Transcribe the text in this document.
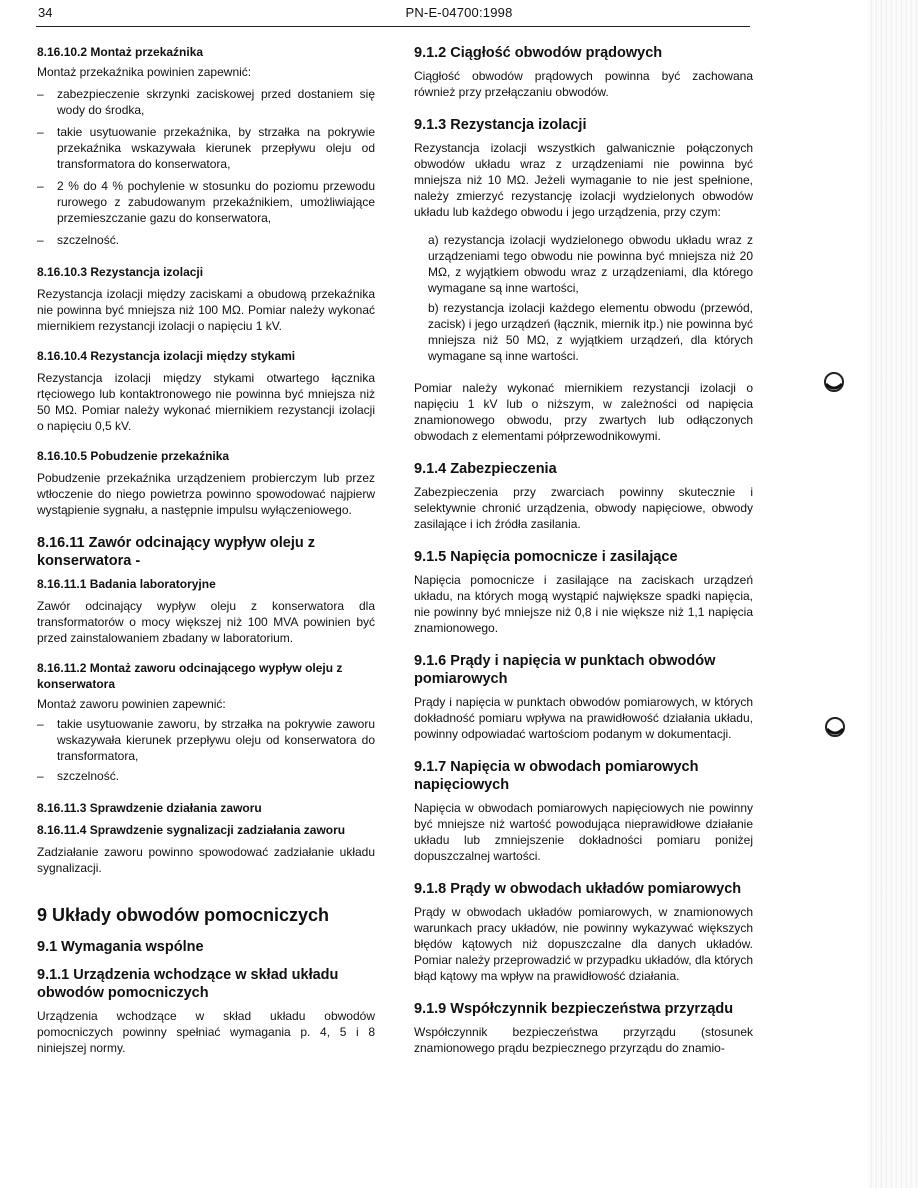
34	PN-E-04700:1998
8.16.10.2 Montaż przekaźnika

Montaż przekaźnika powinien zapewnić:

– zabezpieczenie skrzynki zaciskowej przed dostaniem się wody do środka,
– takie usytuowanie przekaźnika, by strzałka na pokrywie przekaźnika wskazywała kierunek przepływu oleju od transformatora do konserwatora,
– 2 % do 4 % pochylenie w stosunku do poziomu przewodu rurowego z zabudowanym przekaźnikiem, umożliwiające przemieszczanie gazu do konserwatora,
– szczelność.
8.16.10.3 Rezystancja izolacji

Rezystancja izolacji między zaciskami a obudową przekaźnika nie powinna być mniejsza niż 100 MΩ. Pomiar należy wykonać miernikiem rezystancji izolacji o napięciu 1 kV.

8.16.10.4 Rezystancja izolacji między stykami

Rezystancja izolacji między stykami otwartego łącznika rtęciowego lub kontaktronowego nie powinna być mniejsza niż 50 MΩ. Pomiar należy wykonać miernikiem rezystancji izolacji o napięciu 0,5 kV.

8.16.10.5 Pobudzenie przekaźnika

Pobudzenie przekaźnika urządzeniem probierczym lub przez wtłoczenie do niego powietrza powinno spowodować najpierw wystąpienie sygnału, a następnie impulsu wyłączeniowego.

8.16.11 Zawór odcinający wypływ oleju z konserwatora -
8.16.11.1 Badania laboratoryjne

Zawór odcinający wypływ oleju z konserwatora dla transformatorów o mocy większej niż 100 MVA powinien być przed zainstalowaniem zbadany w laboratorium.

8.16.11.2 Montaż zaworu odcinającego wypływ oleju z konserwatora

Montaż zaworu powinien zapewnić:

– takie usytuowanie zaworu, by strzałka na pokrywie zaworu wskazywała kierunek przepływu oleju od konserwatora do transformatora,
– szczelność.
8.16.11.3 Sprawdzenie działania zaworu
8.16.11.4 Sprawdzenie sygnalizacji zadziałania zaworu

Zadziałanie zaworu powinno spowodować zadziałanie układu sygnalizacji.

9 Układy obwodów pomocniczych
9.1 Wymagania wspólne
9.1.1 Urządzenia wchodzące w skład układu obwodów pomocniczych

Urządzenia wchodzące w skład układu obwodów pomocniczych powinny spełniać wymagania p. 4, 5 i 8 niniejszej normy.

9.1.2 Ciągłość obwodów prądowych

Ciągłość obwodów prądowych powinna być zachowana również przy przełączaniu obwodów.

9.1.3 Rezystancja izolacji

Rezystancja izolacji wszystkich galwanicznie połączonych obwodów układu wraz z urządzeniami nie powinna być mniejsza niż 10 MΩ. Jeżeli wymaganie to nie jest spełnione, należy zmierzyć rezystancję izolacji wydzielonych obwodów układu lub każdego obwodu i jego urządzenia, przy czym:

a) rezystancja izolacji wydzielonego obwodu układu wraz z urządzeniami tego obwodu nie powinna być mniejsza niż 20 MΩ, z wyjątkiem obwodu wraz z urządzeniami, dla którego wymagane są inne wartości,
b) rezystancja izolacji każdego elementu obwodu (przewód, zacisk) i jego urządzeń (łącznik, miernik itp.) nie powinna być mniejsza niż 50 MΩ, z wyjątkiem urządzeń, dla których wymagane są inne wartości.

Pomiar należy wykonać miernikiem rezystancji izolacji o napięciu 1 kV lub o niższym, w zależności od napięcia znamionowego obwodu, przy zwartych lub odłączonych obwodach z elementami półprzewodnikowymi.

9.1.4 Zabezpieczenia

Zabezpieczenia przy zwarciach powinny skutecznie i selektywnie chronić urządzenia, obwody napięciowe, obwody zasilające i ich źródła zasilania.

9.1.5 Napięcia pomocnicze i zasilające

Napięcia pomocnicze i zasilające na zaciskach urządzeń układu, na których mogą wystąpić największe spadki napięcia, nie powinny być mniejsze niż 0,8 i nie większe niż 1,1 napięcia znamionowego.

9.1.6 Prądy i napięcia w punktach obwodów pomiarowych

Prądy i napięcia w punktach obwodów pomiarowych, w których dokładność pomiaru wpływa na prawidłowość działania układu, powinny odpowiadać wartościom podanym w dokumentacji.

9.1.7 Napięcia w obwodach pomiarowych napięciowych

Napięcia w obwodach pomiarowych napięciowych nie powinny być mniejsze niż wartość powodująca nieprawidłowe działanie układu lub zmniejszenie dokładności pomiaru poniżej dopuszczalnej wartości.

9.1.8 Prądy w obwodach układów pomiarowych

Prądy w obwodach układów pomiarowych, w znamionowych warunkach pracy układów, nie powinny wykazywać większych błędów kątowych niż dopuszczalne dla danych układów. Pomiar należy przeprowadzić w przypadku układów, dla których błąd kątowy ma wpływ na prawidłowość działania.

9.1.9 Współczynnik bezpieczeństwa przyrządu

Współczynnik bezpieczeństwa przyrządu (stosunek znamionowego prądu bezpiecznego przyrządu do znamio-
